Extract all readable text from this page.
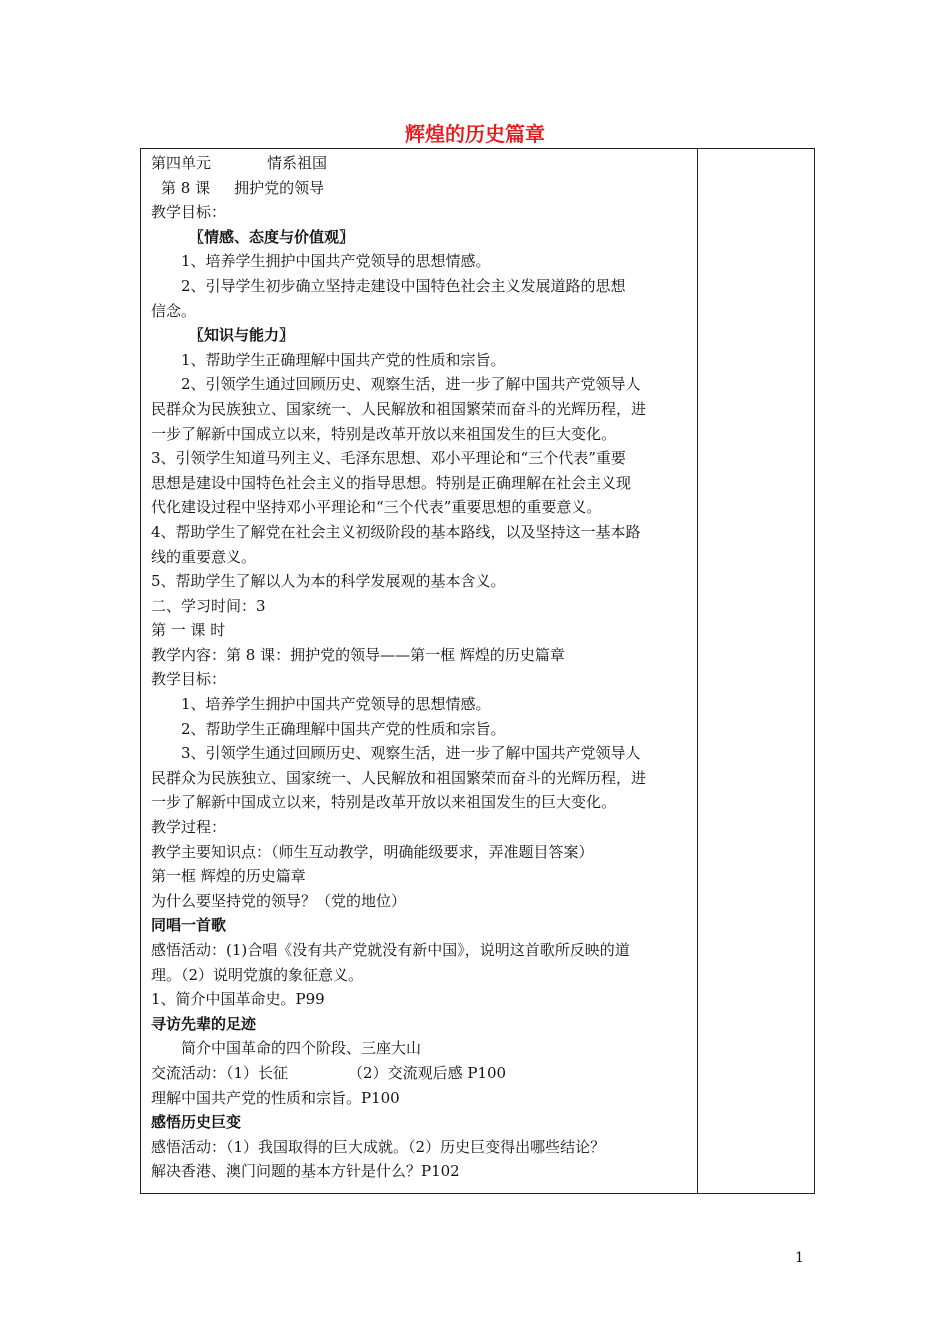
辉煌的历史篇章
第四单元	情系祖国
第 8 课 拥护党的领导
教学目标：
〖情感、态度与价值观〗
1、培养学生拥护中国共产党领导的思想情感。
2、引导学生初步确立坚持走建设中国特色社会主义发展道路的思想
信念。
〖知识与能力〗
1、帮助学生正确理解中国共产党的性质和宗旨。
2、引领学生通过回顾历史、观察生活，进一步了解中国共产党领导人
民群众为民族独立、国家统一、人民解放和祖国繁荣而奋斗的光辉历程，进
一步了解新中国成立以来，特别是改革开放以来祖国发生的巨大变化。
3、引领学生知道马列主义、毛泽东思想、邓小平理论和“三个代表”重要
思想是建设中国特色社会主义的指导思想。特别是正确理解在社会主义现
代化建设过程中坚持邓小平理论和“三个代表”重要思想的重要意义。
4、帮助学生了解党在社会主义初级阶段的基本路线，以及坚持这一基本路
线的重要意义。
5、帮助学生了解以人为本的科学发展观的基本含义。
二、学习时间：3
第 一 课 时
教学内容：第 8 课：拥护党的领导——第一框 辉煌的历史篇章
教学目标：
1、培养学生拥护中国共产党领导的思想情感。
2、帮助学生正确理解中国共产党的性质和宗旨。
3、引领学生通过回顾历史、观察生活，进一步了解中国共产党领导人
民群众为民族独立、国家统一、人民解放和祖国繁荣而奋斗的光辉历程，进
一步了解新中国成立以来，特别是改革开放以来祖国发生的巨大变化。
教学过程：
教学主要知识点：（师生互动教学，明确能级要求，弄准题目答案）
第一框 辉煌的历史篇章
为什么要坚持党的领导？（党的地位）
同唱一首歌
感悟活动：(1)合唱《没有共产党就没有新中国》，说明这首歌所反映的道
理。（2）说明党旗的象征意义。
1、简介中国革命史。P99
寻访先辈的足迹
简介中国革命的四个阶段、三座大山
交流活动：（1）长征	（2）交流观后感 P100
理解中国共产党的性质和宗旨。P100
感悟历史巨变
感悟活动：（1）我国取得的巨大成就。（2）历史巨变得出哪些结论？
解决香港、澳门问题的基本方针是什么？P102
1
